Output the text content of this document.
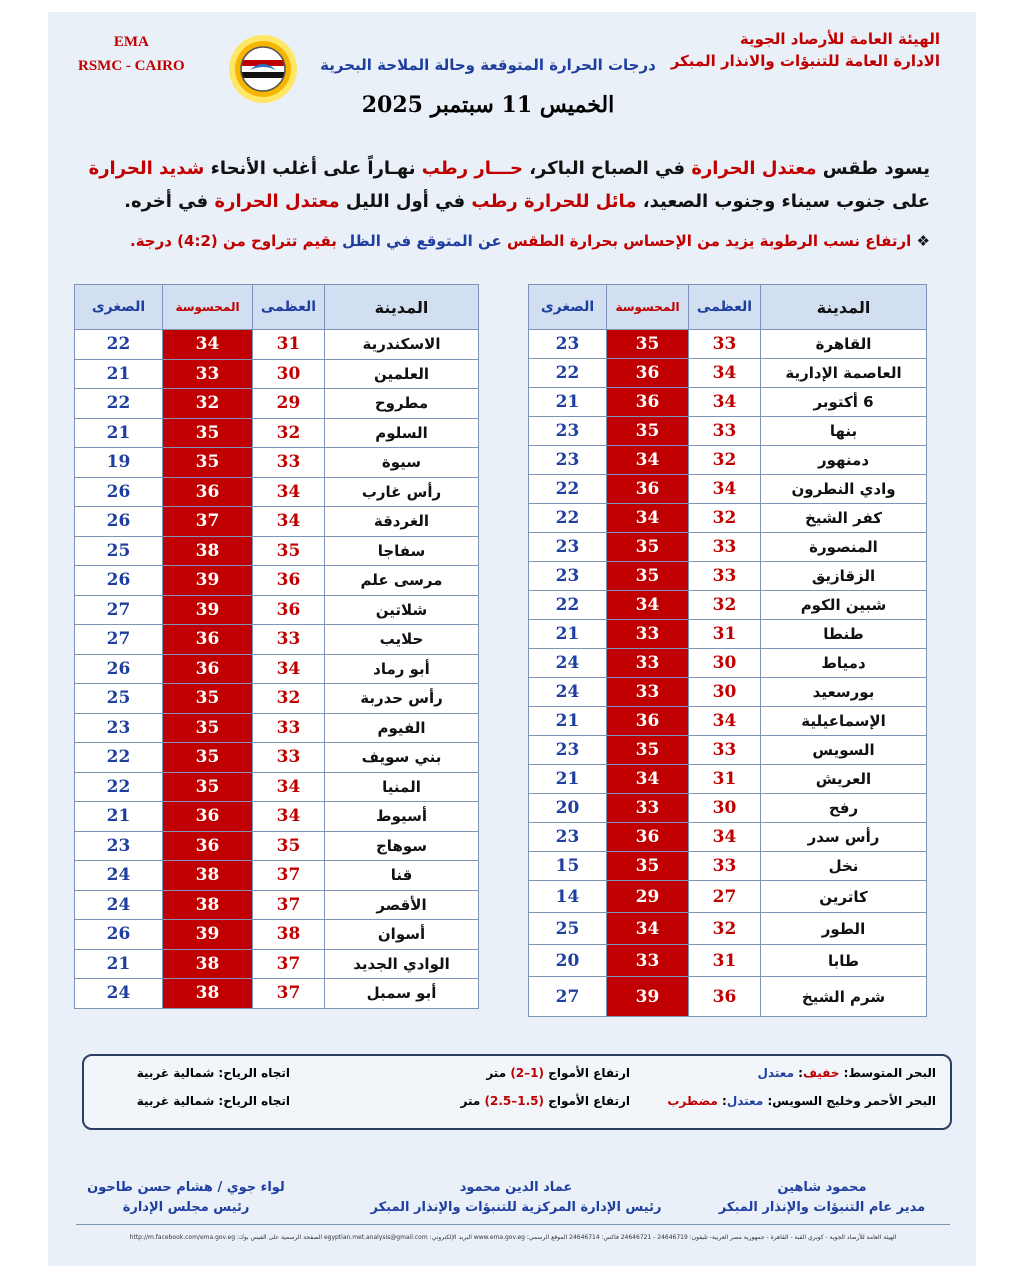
الهيئة العامة للأرصاد الجوية
الادارة العامة للتنبؤات والانذار المبكر
EMA
RSMC - CAIRO	درجات الحرارة المتوقعة وحالة الملاحة البحرية
الخميس 11 سبتمبر 2025
يسود طقس معتدل الحرارة في الصباح الباكر، حـــار رطب نهـاراً على أغلب الأنحاء شديد الحرارة على جنوب سيناء وجنوب الصعيد، مائل للحرارة رطب في أول الليل معتدل الحرارة في أخره.
❖ ارتفاع نسب الرطوبة يزيد من الإحساس بحرارة الطقس عن المتوقع في الظل بقيم تتراوح من (4:2) درجة.
المدينة	العظمى	المحسوسة	الصغرى
القاهرة	33	35	23
العاصمة الإدارية	34	36	22
6 أكتوبر	34	36	21
بنها	33	35	23
دمنهور	32	34	23
وادي النطرون	34	36	22
كفر الشيخ	32	34	22
المنصورة	33	35	23
الزقازيق	33	35	23
شبين الكوم	32	34	22
طنطا	31	33	21
دمياط	30	33	24
بورسعيد	30	33	24
الإسماعيلية	34	36	21
السويس	33	35	23
العريش	31	34	21
رفح	30	33	20
رأس سدر	34	36	23
نخل	33	35	15
كاترين	27	29	14
الطور	32	34	25
طابا	31	33	20
شرم الشيخ	36	39	27
المدينة	العظمى	المحسوسة	الصغرى
الاسكندرية	31	34	22
العلمين	30	33	21
مطروح	29	32	22
السلوم	32	35	21
سيوة	33	35	19
رأس غارب	34	36	26
الغردقة	34	37	26
سفاجا	35	38	25
مرسى علم	36	39	26
شلاتين	36	39	27
حلايب	33	36	27
أبو رماد	34	36	26
رأس حدربة	32	35	25
الفيوم	33	35	23
بني سويف	33	35	22
المنيا	34	35	22
أسيوط	34	36	21
سوهاج	35	36	23
قنا	37	38	24
الأقصر	37	38	24
أسوان	38	39	26
الوادي الجديد	37	38	21
أبو سمبل	37	38	24
البحر المتوسط: خفيف: معتدل
ارتفاع الأمواج (1–2) متر
اتجاه الرياح: شمالية غربية
البحر الأحمر وخليج السويس: معتدل: مضطرب
ارتفاع الأمواج (1.5–2.5) متر
اتجاه الرياح: شمالية غربية
محمود شاهين
مدير عام التنبؤات والإنذار المبكر
عماد الدين محمود
رئيس الإدارة المركزية للتنبؤات والإنذار المبكر
لواء جوي / هشام حسن طاحون
رئيس مجلس الإدارة
الهيئة العامة للأرصاد الجوية - كوبري القبة - القاهرة - جمهورية مصر العربية- تليفون: 24646719 - 24646721 فاكس: 24646714 الموقع الرسمي: www.ema.gov.eg البريد الإلكتروني: egyptian.met.analysis@gmail.com الصفحة الرسمية على الفيس بوك: http://m.facebook.com/ema.gov.eg
